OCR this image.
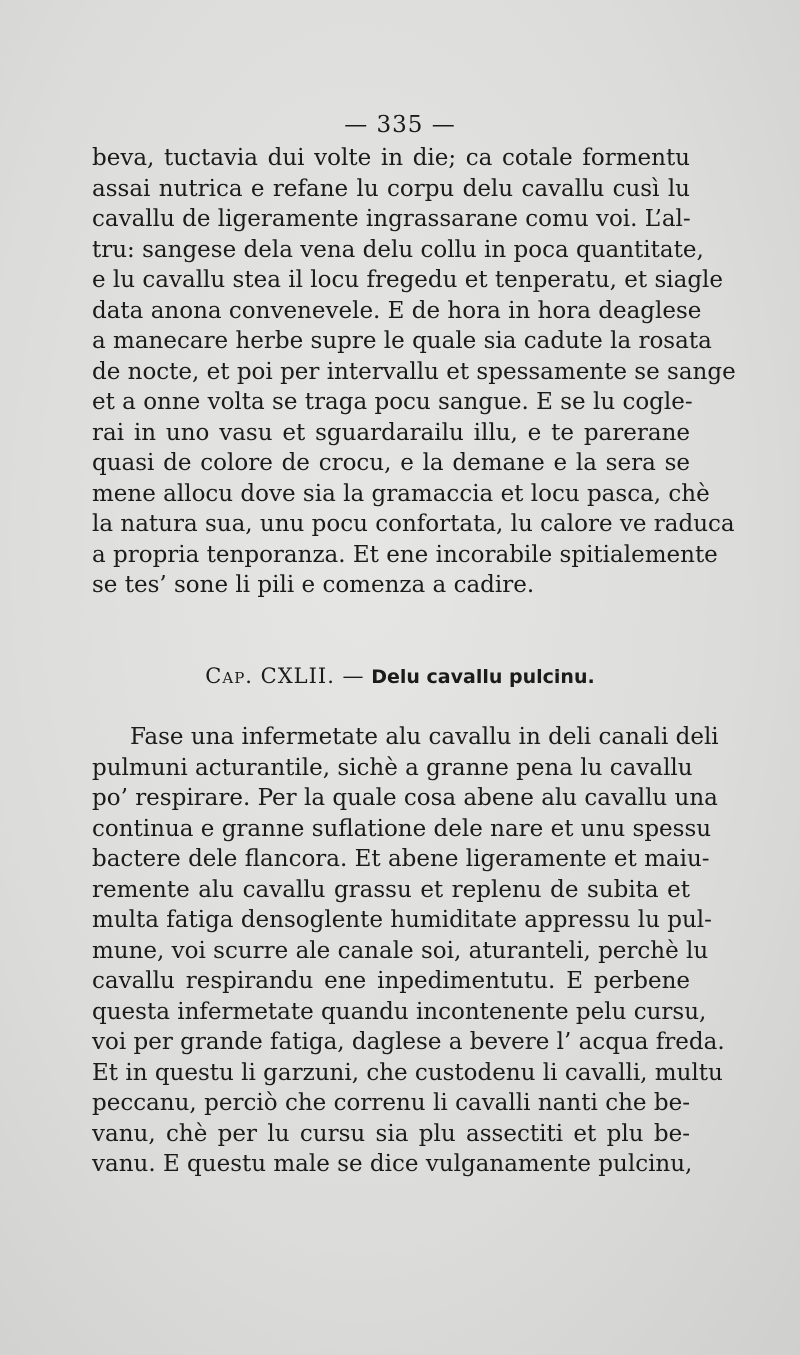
— 335 —
beva, tuctavia dui volte in die; ca cotale formentu
assai nutrica e refane lu corpu delu cavallu cusì lu
cavallu de ligeramente ingrassarane comu voi. L’al-
tru: sangese dela vena delu collu in poca quantitate,
e lu cavallu stea il locu fregedu et tenperatu, et siagle
data anona convenevele. E de hora in hora deaglese
a manecare herbe supre le quale sia cadute la rosata
de nocte, et poi per intervallu et spessamente se sange
et a onne volta se traga pocu sangue. E se lu cogle-
rai in uno vasu et sguardarailu illu, e te parerane
quasi de colore de crocu, e la demane e la sera se
mene allocu dove sia la gramaccia et locu pasca, chè
la natura sua, unu pocu confortata, lu calore ve raduca
a propria tenporanza. Et ene incorabile spitialemente
se tes’ sone li pili e comenza a cadire.
Cap. CXLII. — Delu cavallu pulcinu.
Fase una infermetate alu cavallu in deli canali deli
pulmuni acturantile, sichè a granne pena lu cavallu
po’ respirare. Per la quale cosa abene alu cavallu una
continua e granne suflatione dele nare et unu spessu
bactere dele flancora. Et abene ligeramente et maiu-
remente alu cavallu grassu et replenu de subita et
multa fatiga densoglente humiditate appressu lu pul-
mune, voi scurre ale canale soi, aturanteli, perchè lu
cavallu respirandu ene inpedimentutu. E perbene
questa infermetate quandu incontenente pelu cursu,
voi per grande fatiga, daglese a bevere l’ acqua freda.
Et in questu li garzuni, che custodenu li cavalli, multu
peccanu, perciò che correnu li cavalli nanti che be-
vanu, chè per lu cursu sia plu assectiti et plu be-
vanu. E questu male se dice vulganamente pulcinu,
